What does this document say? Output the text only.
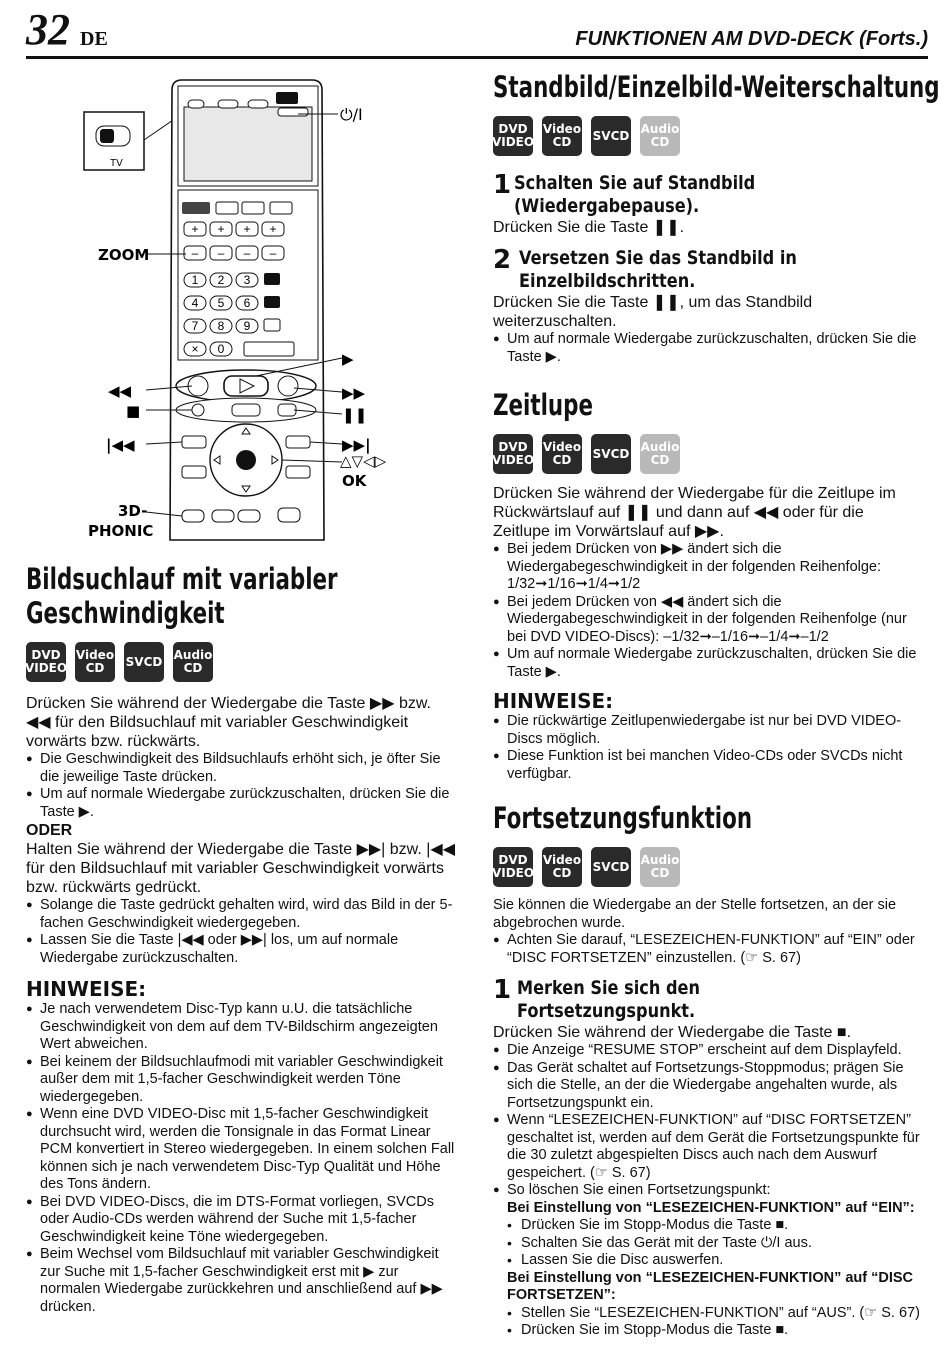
32 DE	FUNKTIONEN AM DVD-DECK (Forts.)
TV
+ + + +
– – – –
1 2 3
4 5 6
7 8 9
× 0
⏻/I
ZOOM
◀◀
■
|◀◀
3D-
PHONIC
▶
▶▶
❚❚
▶▶|
△▽◁▷
OK
Bildsuchlauf mit variabler
Geschwindigkeit
DVD VIDEO
Video CD	SVCD Audio CD

Drücken Sie während der Wiedergabe die Taste ▶▶ bzw. ◀◀ für den Bildsuchlauf mit variabler Geschwindigkeit vorwärts bzw. rückwärts.

● Die Geschwindigkeit des Bildsuchlaufs erhöht sich, je öfter Sie die jeweilige Taste drücken.
● Um auf normale Wiedergabe zurückzuschalten, drücken Sie die Taste ▶.
ODER

Halten Sie während der Wiedergabe die Taste ▶▶| bzw. |◀◀ für den Bildsuchlauf mit variabler Geschwindigkeit vorwärts bzw. rückwärts gedrückt.

● Solange die Taste gedrückt gehalten wird, wird das Bild in der 5-fachen Geschwindigkeit wiedergegeben.
● Lassen Sie die Taste |◀◀ oder ▶▶| los, um auf normale Wiedergabe zurückzuschalten.
HINWEISE:
● Je nach verwendetem Disc-Typ kann u.U. die tatsächliche Geschwindigkeit von dem auf dem TV-Bildschirm angezeigten Wert abweichen.
● Bei keinem der Bildsuchlaufmodi mit variabler Geschwindigkeit außer dem mit 1,5-facher Geschwindigkeit werden Töne wiedergegeben.
● Wenn eine DVD VIDEO-Disc mit 1,5-facher Geschwindigkeit durchsucht wird, werden die Tonsignale in das Format Linear PCM konvertiert in Stereo wiedergegeben. In einem solchen Fall können sich je nach verwendetem Disc-Typ Qualität und Höhe des Tons ändern.
● Bei DVD VIDEO-Discs, die im DTS-Format vorliegen, SVCDs oder Audio-CDs werden während der Suche mit 1,5-facher Geschwindigkeit keine Töne wiedergegeben.
● Beim Wechsel vom Bildsuchlauf mit variabler Geschwindigkeit zur Suche mit 1,5-facher Geschwindigkeit erst mit ▶ zur normalen Wiedergabe zurückkehren und anschließend auf ▶▶ drücken.
Standbild/Einzelbild-Weiterschaltung
DVD VIDEO
Video CD	SVCD Audio CD
1 Schalten Sie auf Standbild (Wiedergabepause).

Drücken Sie die Taste ❚❚.

2 Versetzen Sie das Standbild in Einzelbildschritten.

Drücken Sie die Taste ❚❚, um das Standbild weiterzuschalten.

● Um auf normale Wiedergabe zurückzuschalten, drücken Sie die Taste ▶.
Zeitlupe
DVD VIDEO
Video CD	SVCD Audio CD

Drücken Sie während der Wiedergabe für die Zeitlupe im Rückwärtslauf auf ❚❚ und dann auf ◀◀ oder für die Zeitlupe im Vorwärtslauf auf ▶▶.

● Bei jedem Drücken von ▶▶ ändert sich die Wiedergabegeschwindigkeit in der folgenden Reihenfolge: 1/32➞1/16➞1/4➞1/2
● Bei jedem Drücken von ◀◀ ändert sich die Wiedergabegeschwindigkeit in der folgenden Reihenfolge (nur bei DVD VIDEO-Discs): –1/32➞–1/16➞–1/4➞–1/2
● Um auf normale Wiedergabe zurückzuschalten, drücken Sie die Taste ▶.
HINWEISE:
● Die rückwärtige Zeitlupenwiedergabe ist nur bei DVD VIDEO-Discs möglich.
● Diese Funktion ist bei manchen Video-CDs oder SVCDs nicht verfügbar.
Fortsetzungsfunktion
DVD VIDEO
Video CD	SVCD Audio CD

Sie können die Wiedergabe an der Stelle fortsetzen, an der sie abgebrochen wurde.

● Achten Sie darauf, “LESEZEICHEN-FUNKTION” auf “EIN” oder “DISC FORTSETZEN” einzustellen. (☞ S. 67)
1 Merken Sie sich den Fortsetzungspunkt.

Drücken Sie während der Wiedergabe die Taste ■.

● Die Anzeige “RESUME STOP” erscheint auf dem Displayfeld.
● Das Gerät schaltet auf Fortsetzungs-Stoppmodus; prägen Sie sich die Stelle, an der die Wiedergabe angehalten wurde, als Fortsetzungspunkt ein.
● Wenn “LESEZEICHEN-FUNKTION” auf “DISC FORTSETZEN” geschaltet ist, werden auf dem Gerät die Fortsetzungspunkte für die 30 zuletzt abgespielten Discs auch nach dem Auswurf gespeichert. (☞ S. 67)
● So löschen Sie einen Fortsetzungspunkt:
Bei Einstellung von “LESEZEICHEN-FUNKTION” auf “EIN”:
• Drücken Sie im Stopp-Modus die Taste ■.
• Schalten Sie das Gerät mit der Taste ⏻/I aus.
• Lassen Sie die Disc auswerfen.
Bei Einstellung von “LESEZEICHEN-FUNKTION” auf “DISC FORTSETZEN”:
• Stellen Sie “LESEZEICHEN-FUNKTION” auf “AUS”. (☞ S. 67)
• Drücken Sie im Stopp-Modus die Taste ■.
